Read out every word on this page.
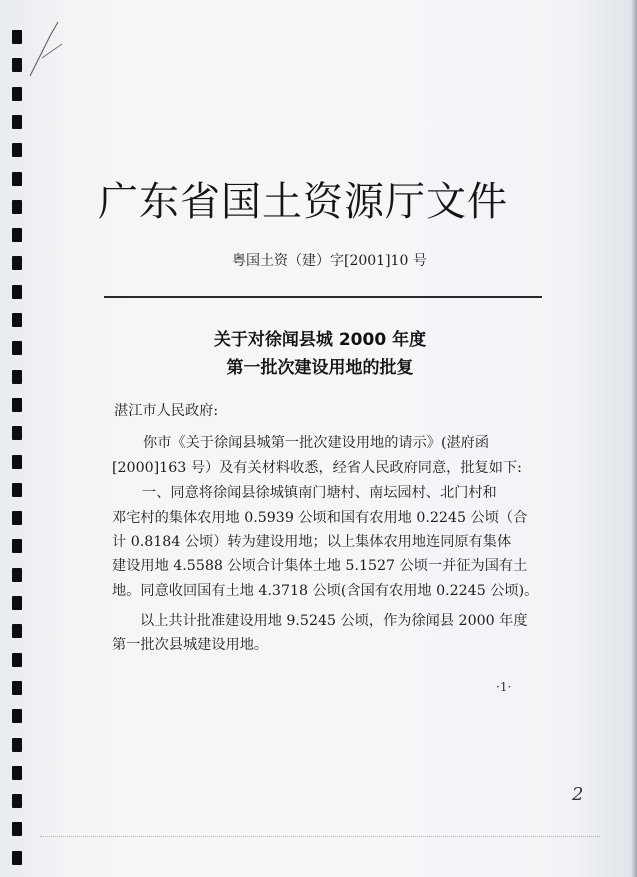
广东省国土资源厅文件
粤国土资（建）字[2001]10 号
关于对徐闻县城 2000 年度
第一批次建设用地的批复
湛江市人民政府:
你市《关于徐闻县城第一批次建设用地的请示》(湛府函
[2000]163 号）及有关材料收悉，经省人民政府同意，批复如下:
一、同意将徐闻县徐城镇南门塘村、南坛园村、北门村和
邓宅村的集体农用地 0.5939 公顷和国有农用地 0.2245 公顷（合
计 0.8184 公顷）转为建设用地；以上集体农用地连同原有集体
建设用地 4.5588 公顷合计集体土地 5.1527 公顷一并征为国有土
地。同意收回国有土地 4.3718 公顷(含国有农用地 0.2245 公顷)。
以上共计批准建设用地 9.5245 公顷，作为徐闻县 2000 年度
第一批次县城建设用地。
·1·
2
